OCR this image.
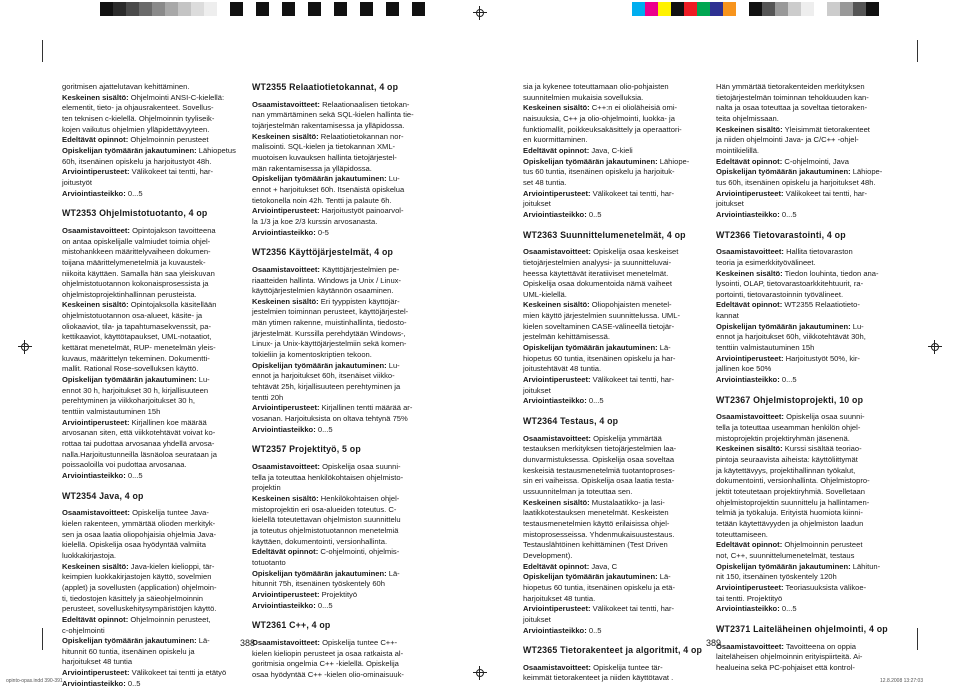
goritmisen ajattelutavan kehittäminen.

Keskeinen sisältö: Ohjelmointi ANSI-C-kielellä:

elementit, tieto- ja ohjausrakenteet. Sovellus-

ten teknisen c-kielellä. Ohjelmoinnin tyyliseik-

kojen vaikutus ohjelmien ylläpidettävyyteen.

Edeltävät opinnot: Ohjelmoinnin perusteet

Opiskelijan työmäärän jakautuminen: Lähiopetus

60h, itsenäinen opiskelu ja harjoitustyöt 48h.

Arviointiperusteet: Välikokeet tai tentti, har-

joitustyöt

Arviointiasteikko: 0...5

WT2353 Ohjelmistotuotanto, 4 op

Osaamistavoitteet: Opintojakson tavoitteena

on antaa opiskelijalle valmiudet toimia ohjel-

mistohankkeen määrittelyvaiheen dokumen-

toijana määrittelymenetelmiä ja kuvaustek-

niikoita käyttäen. Samalla hän saa yleiskuvan

ohjelmistotuotannon kokonaisprosessista ja

ohjelmistoprojektinhallinnan perusteista.

Keskeinen sisältö: Opintojaksolla käsitellään

ohjelmistotuotannon osa-alueet, käsite- ja

oliokaaviot, tila- ja tapahtumasekvenssit, pa-

kettikaaviot, käyttötapaukset, UML-notaatiot,

kettärat menetelmät, RUP- menetelmän yleis-

kuvaus, määrittelyn tekeminen. Dokumentti-

mallit. Rational Rose-sovelluksen käyttö.

Opiskelijan työmäärän jakautuminen: Lu-

ennot 30 h, harjoitukset 30 h, kirjallisuuteen

perehtyminen ja viikkoharjoitukset 30 h,

tenttiin valmistautuminen 15h

Arviointiperusteet: Kirjallinen koe määrää

arvosanan siten, että viikkotehtävät voivat ko-

rottaa tai pudottaa arvosanaa yhdellä arvosa-

nalla.Harjoitustunneilla läsnäoloa seurataan ja

poissaoloilla voi pudottaa arvosanaa.

Arviointiasteikko: 0...5

WT2354 Java, 4 op

Osaamistavoitteet: Opiskelija tuntee Java-

kielen rakenteen, ymmärtää olioden merkityk-

sen ja osaa laatia oliopohjaisia ohjelmia Java-

kielellä. Opiskelija osaa hyödyntää valmiita

luokkakirjastoja.

Keskeinen sisältö: Java-kielen kielioppi, tär-

keimpien luokkakirjastojen käyttö, sovelmien

(applet) ja sovellusten (application) ohjelmoin-

ti, tiedostojen käsittely ja säieohjelmoinnin

perusteet, sovelluskehitysympäristöjen käyttö.

Edeltävät opinnot: Ohjelmoinnin perusteet,

c-ohjelmointi

Opiskelijan työmäärän jakautuminen: Lä-

hitunnit 60 tuntia, itsenäinen opiskelu ja

harjoitukset 48 tuntia

Arviointiperusteet: Välikokeet tai tentti ja etätyö

Arviointiasteikko: 0..5

WT2355 Relaatiotietokannat, 4 op

Osaamistavoitteet: Relaationaalisen tietokan-

nan ymmärtäminen sekä SQL-kielen hallinta tie-

tojärjestelmän rakentamisessa ja ylläpidossa.

Keskeinen sisältö: Relaatiotietokannan nor-

malisointi. SQL-kielen ja tietokannan XML-

muotoisen kuvauksen hallinta tietojärjestel-

män rakentamisessa ja ylläpidossa.

Opiskelijan työmäärän jakautuminen: Lu-

ennot + harjoitukset 60h. Itsenäistä opiskelua

tietokonella noin 42h. Tentti ja palaute 6h.

Arviointiperusteet: Harjoitustyöt painoarvol-

la 1/3 ja koe 2/3 kurssin arvosanasta.

Arviointiasteikko: 0-5

WT2356 Käyttöjärjestelmät, 4 op

Osaamistavoitteet: Käyttöjärjestelmien pe-

riaatteiden hallinta. Windows ja Unix / Linux-

käyttöjärjestelmien käytännön osaaminen.

Keskeinen sisältö: Eri tyyppisten käyttöjär-

jestelmien toiminnan perusteet, käyttöjärjestel-

män ytimen rakenne, muistinhallinta, tiedosto-

järjestelmät. Kurssilla perehdytään Windows-,

Linux- ja Unix-käyttöjärjestelmiin sekä komen-

tokieliin ja komentoskriptien tekoon.

Opiskelijan työmäärän jakautuminen: Lu-

ennot ja harjoitukset 60h, itsenäiset viikko-

tehtävät 25h, kirjallisuuteen perehtyminen ja

tentti 20h

Arviointiperusteet: Kirjallinen tentti määrää ar-

vosanan. Harjoituksista on oltava tehtynä 75%

Arviointiasteikko: 0...5

WT2357 Projektityö, 5 op

Osaamistavoitteet: Opiskelija osaa suunni-

tella ja toteuttaa henkilökohtaisen ohjelmisto-

projektin

Keskeinen sisältö: Henkilökohtaisen ohjel-

mistoprojektin eri osa-alueiden toteutus. C-

kielellä toteutettavan ohjelmiston suunnittelu

ja toteutus ohjelmistotuotannon menetelmiä

käyttäen, dokumentointi, versionhallinta.

Edeltävät opinnot: C-ohjelmointi, ohjelmis-

totuotanto

Opiskelijan työmäärän jakautuminen: Lä-

hitunnit 75h, itsenäinen työskentely 60h

Arviointiperusteet: Projektityö

Arviointiasteikko: 0...5

WT2361 C++, 4 op

Osaamistavoitteet: Opiskelija tuntee C++-

kielen kieliopin perusteet ja osaa ratkaista al-

goritmisia ongelmia C++ -kielellä. Opiskelija

osaa hyödyntää C++ -kielen olio-ominaisuuk-

sia ja kykenee toteuttamaan olio-pohjaisten

suunnitelmien mukaisia sovelluksia.

Keskeinen sisältö: C++:n ei olioläheisiä omi-

naisuuksia, C++ ja olio-ohjelmointi, luokka- ja

funktiomallit, poikkeuksakäsittely ja operaattori-

en kuormittaminen.

Edeltävät opinnot: Java, C-kieli

Opiskelijan työmäärän jakautuminen: Lähiope-

tus 60 tuntia, itsenäinen opiskelu ja harjoituk-

set 48 tuntia.

Arviointiperusteet: Välikokeet tai tentti, har-

joitukset

Arviointiasteikko: 0..5

WT2363 Suunnittelumenetelmät, 4 op

Osaamistavoitteet: Opiskelija osaa keskeiset

tietojärjestelmien analyysi- ja suunnitteluvai-

heessa käytettävät iteratiiviset menetelmät.

Opiskelija osaa dokumentoida nämä vaiheet

UML-kielellä.

Keskeinen sisältö: Oliopohjaisten menetel-

mien käyttö järjestelmien suunnittelussa. UML-

kielen soveltaminen CASE-välineellä tietojär-

jestelmän kehittämisessä.

Opiskelijan työmäärän jakautuminen: Lä-

hiopetus 60 tuntia, itsenäinen opiskelu ja har-

joitustehtävät 48 tuntia.

Arviointiperusteet: Välikokeet tai tentti, har-

joitukset

Arviointiasteikko: 0...5

WT2364 Testaus, 4 op

Osaamistavoitteet: Opiskelija ymmärtää

testauksen merkityksen tietojärjestelmien laa-

dunvarmistuksessa. Opiskelija osaa soveltaa

keskeisiä testausmenetelmiä tuotantoproses-

sin eri vaiheissa. Opiskelija osaa laatia testa-

ussuunnitelman ja toteuttaa sen.

Keskeinen sisältö: Mustalaatikko- ja lasi-

laatikkotestauksen menetelmät. Keskeisten

testausmenetelmien käyttö erilaisissa ohjel-

mistoprosesseissa. Yhdenmukaisuustestaus.

Testauslähtöinen kehittäminen (Test Driven

Development).

Edeltävät opinnot: Java, C

Opiskelijan työmäärän jakautuminen: Lä-

hiopetus 60 tuntia, itsenäinen opiskelu ja etä-

harjoitukset 48 tuntia.

Arviointiperusteet: Välikokeet tai tentti, har-

joitukset

Arviointiasteikko: 0..5

WT2365 Tietorakenteet ja algoritmit, 4 op

Osaamistavoitteet: Opiskelija tuntee tär-

keimmät tietorakenteet ja niiden käyttötavat .

Hän ymmärtää tietorakenteiden merkityksen

tietojärjestelmän toiminnan tehokkuuden kan-

nalta ja osaa toteuttaa ja soveltaa tietoraken-

teita ohjelmissaan.

Keskeinen sisältö: Yleisimmät tietorakenteet

ja niiden ohjelmointi Java- ja C/C++ -ohjel-

mointikielillä.

Edeltävät opinnot: C-ohjelmointi, Java

Opiskelijan työmäärän jakautuminen: Lähiope-

tus 60h, itsenäinen opiskelu ja harjoitukset 48h.

Arviointiperusteet: Välikokeet tai tentti, har-

joitukset

Arviointiasteikko: 0...5

WT2366 Tietovarastointi, 4 op

Osaamistavoitteet: Hallita tietovaraston

teoria ja esimerkkityövälineet.

Keskeinen sisältö: Tiedon louhinta, tiedon ana-

lysointi, OLAP, tietovarastoarkkitehtuurit, ra-

portointi, tietovarastoinnin työvälineet.

Edeltävät opinnot: WT2355 Relaatiotieto-

kannat

Opiskelijan työmäärän jakautuminen: Lu-

ennot ja harjoitukset 60h, viikkotehtävät 30h,

tenttiin valmistautuminen 15h

Arviointiperusteet: Harjoitustyöt 50%, kir-

jallinen koe 50%

Arviointiasteikko: 0...5

WT2367 Ohjelmistoprojekti, 10 op

Osaamistavoitteet: Opiskelija osaa suunni-

tella ja toteuttaa useamman henkilön ohjel-

mistoprojektin projektiryhmän jäsenenä.

Keskeinen sisältö: Kurssi sisältää teoriao-

pintoja seuraavista aiheista: käyttöliittymät

ja käytettävyys, projektihallinnan työkalut,

dokumentointi, versionhallinta. Ohjelmistopro-

jektit toteutetaan projektiryhmiä. Sovelletaan

ohjelmistoprojektin suunnittelu ja hallintamen-

telmiä ja työkaluja. Erityistä huomiota kiinni-

tetään käytettävyyden ja ohjelmiston laadun

toteuttamiseen.

Edeltävät opinnot: Ohjelmoinnin perusteet

not, C++, suunnittelumenetelmät, testaus

Opiskelijan työmäärän jakautuminen: Lähitun-

nit 150, itsenäinen työskentely 120h

Arviointiperusteet: Teoriasuuksista välikoe-

tai tentti. Projektityö

Arviointiasteikko: 0...5

WT2371 Laiteläheinen ohjelmointi, 4 op

Osaamistavoitteet: Tavoitteena on oppia

laiteläheisen ohjelmoinnin erityispiirteitä. Ai-

healueina sekä PC-pohjaiset että kontrol-

388	389
opinto-opas.indd 390-391	12.8.2008 13:27:03
